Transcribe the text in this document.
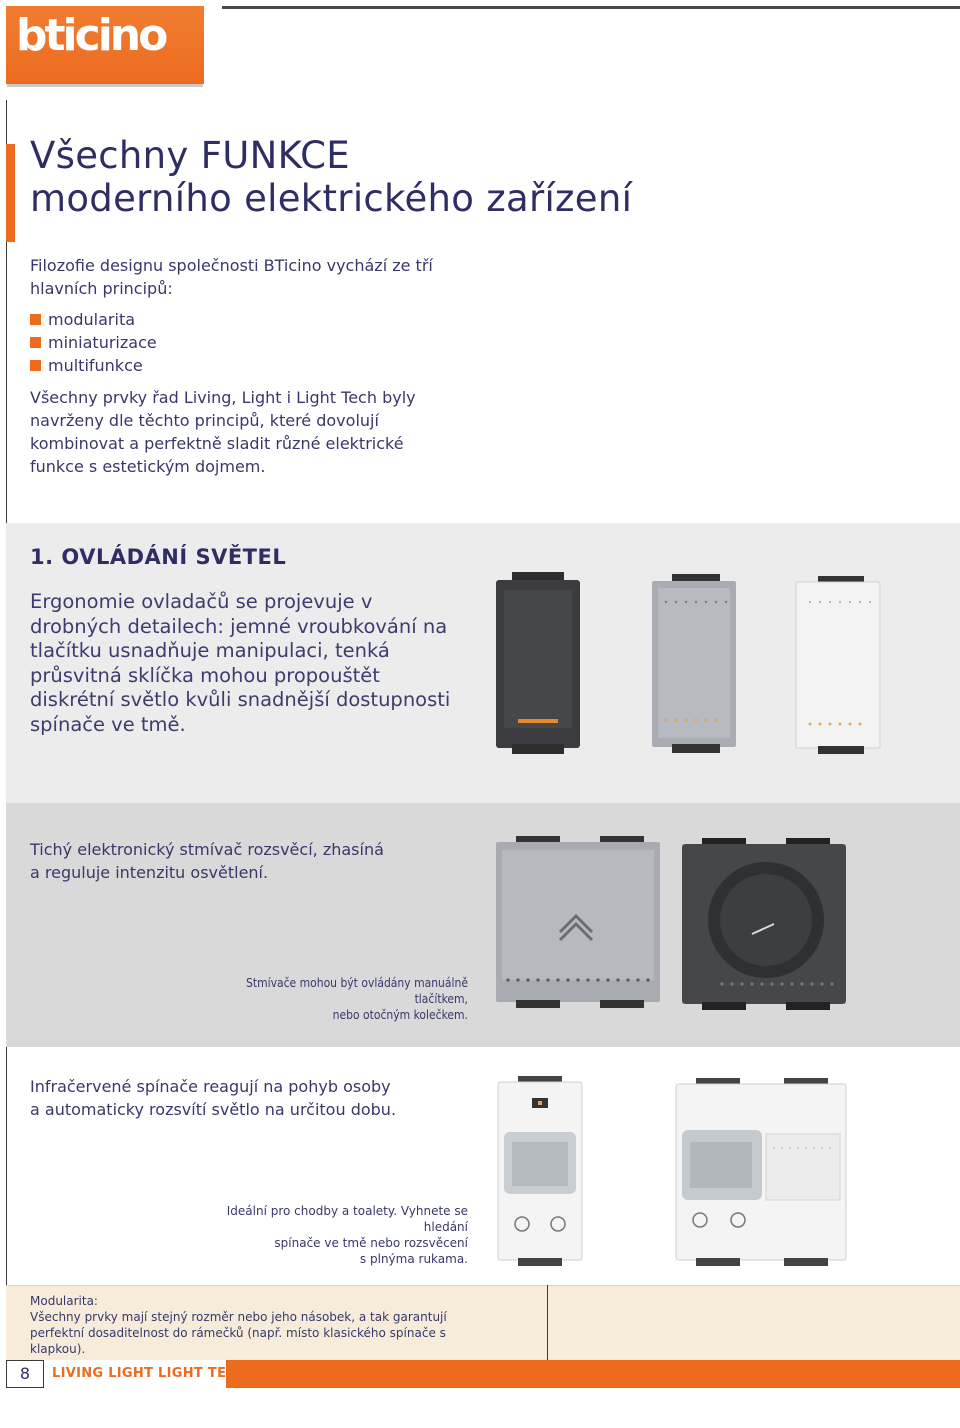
bticino
Všechny FUNKCE
moderního elektrického zařízení
Filozofie designu společnosti BTicino vychází ze tří hlavních principů:
modularita
miniaturizace
multifunkce
Všechny prvky řad Living, Light i Light Tech byly navrženy dle těchto principů, které dovolují kombinovat a perfektně sladit různé elektrické funkce s estetickým dojmem.
1. OVLÁDÁNÍ SVĚTEL
Ergonomie ovladačů se projevuje v drobných detailech: jemné vroubkování na tlačítku usnadňuje manipulaci, tenká průsvitná sklíčka mohou propouštět diskrétní světlo kvůli snadnější dostupnosti spínače ve tmě.
Tichý elektronický stmívač rozsvěcí, zhasíná
a reguluje intenzitu osvětlení.
Stmívače mohou být ovládány manuálně tlačítkem,
nebo otočným kolečkem.
Infračervené spínače reagují na pohyb osoby
a automaticky rozsvítí světlo na určitou dobu.
Ideální pro chodby a toalety. Vyhnete se hledání
spínače ve tmě nebo rozsvěcení
s plnýma rukama.
Modularita:
Všechny prvky mají stejný rozměr nebo jeho násobek, a tak garantují perfektní dosaditelnost do rámečků (např. místo klasického spínače s klapkou).
8	LIVING LIGHT LIGHT TECH
